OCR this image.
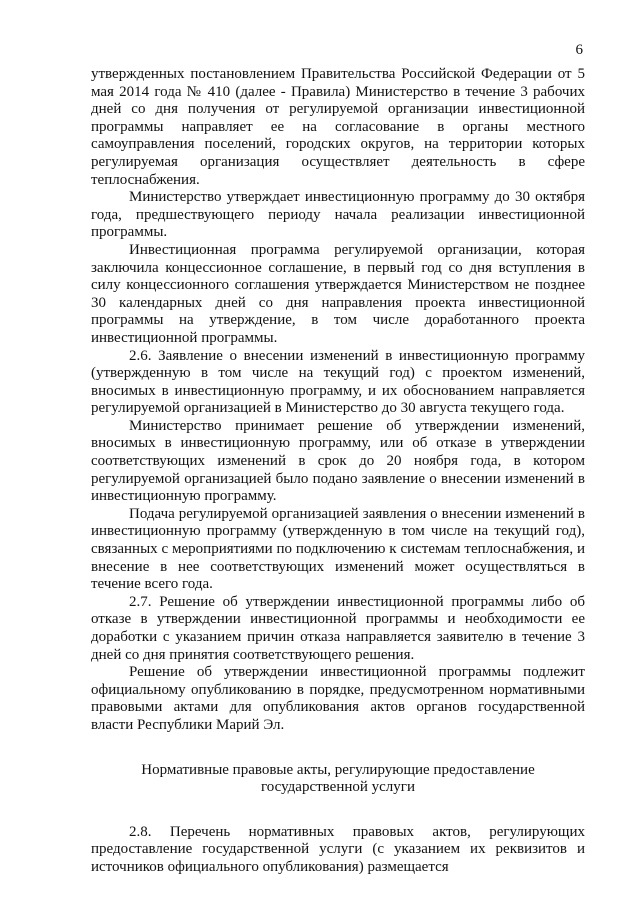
6

утвержденных постановлением Правительства Российской Федерации от 5 мая 2014 года № 410 (далее - Правила) Министерство в течение 3 рабочих дней со дня получения от регулируемой организации инвестиционной программы направляет ее на согласование в органы местного самоуправления поселений, городских округов, на территории которых регулируемая организация осуществляет деятельность в сфере теплоснабжения.

Министерство утверждает инвестиционную программу до 30 октября года, предшествующего периоду начала реализации инвестиционной программы.

Инвестиционная программа регулируемой организации, которая заключила концессионное соглашение, в первый год со дня вступления в силу концессионного соглашения утверждается Министерством не позднее 30 календарных дней со дня направления проекта инвестиционной программы на утверждение, в том числе доработанного проекта инвестиционной программы.

2.6. Заявление о внесении изменений в инвестиционную программу (утвержденную в том числе на текущий год) с проектом изменений, вносимых в инвестиционную программу, и их обоснованием направляется регулируемой организацией в Министерство до 30 августа текущего года.

Министерство принимает решение об утверждении изменений, вносимых в инвестиционную программу, или об отказе в утверждении соответствующих изменений в срок до 20 ноября года, в котором регулируемой организацией было подано заявление о внесении изменений в инвестиционную программу.

Подача регулируемой организацией заявления о внесении изменений в инвестиционную программу (утвержденную в том числе на текущий год), связанных с мероприятиями по подключению к системам теплоснабжения, и внесение в нее соответствующих изменений может осуществляться в течение всего года.

2.7. Решение об утверждении инвестиционной программы либо об отказе в утверждении инвестиционной программы и необходимости ее доработки с указанием причин отказа направляется заявителю в течение 3 дней со дня принятия соответствующего решения.

Решение об утверждении инвестиционной программы подлежит официальному опубликованию в порядке, предусмотренном нормативными правовыми актами для опубликования актов органов государственной власти Республики Марий Эл.

Нормативные правовые акты, регулирующие предоставление

государственной услуги

2.8. Перечень нормативных правовых актов, регулирующих предоставление государственной услуги (с указанием их реквизитов и источников официального опубликования) размещается
